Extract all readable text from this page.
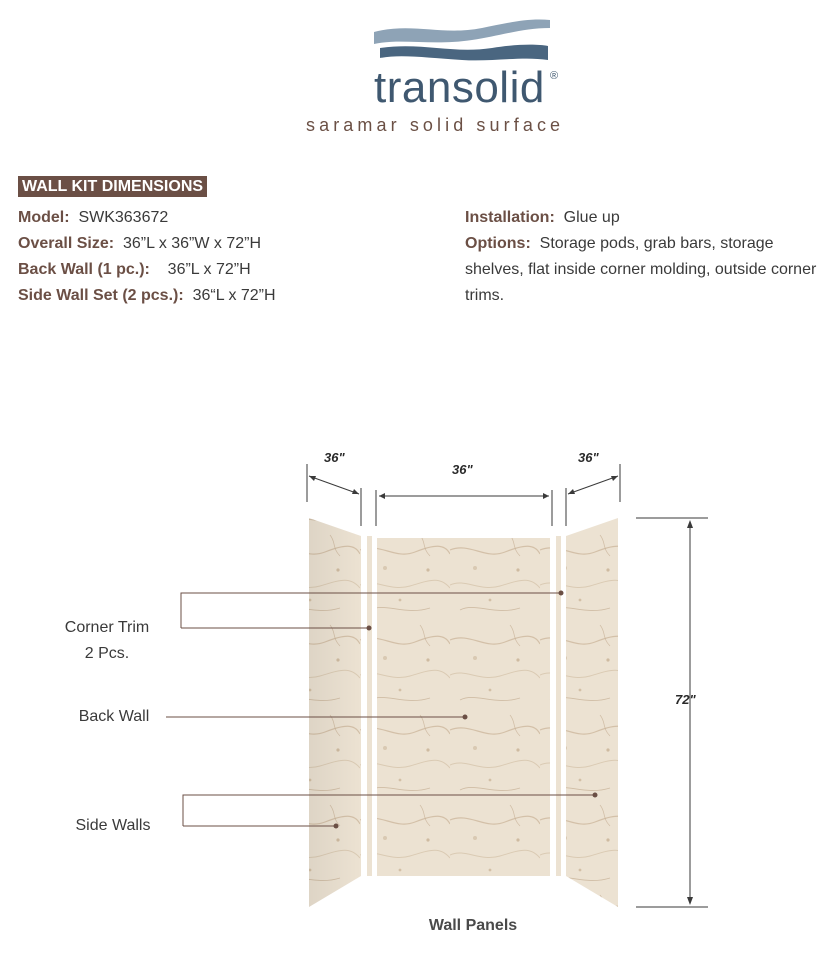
transolid ®
saramar solid surface
WALL KIT DIMENSIONS
Model: SWK363672
Overall Size: 36”L x 36”W x 72”H
Back Wall (1 pc.): 36”L x 72”H
Side Wall Set (2 pcs.): 36“L x 72”H
Installation: Glue up
Options: Storage pods, grab bars, storage shelves, flat inside corner molding, outside corner trims.
36"
36"
36"
72"
Corner Trim
2 Pcs.
Back Wall
Side Walls
Wall Panels
